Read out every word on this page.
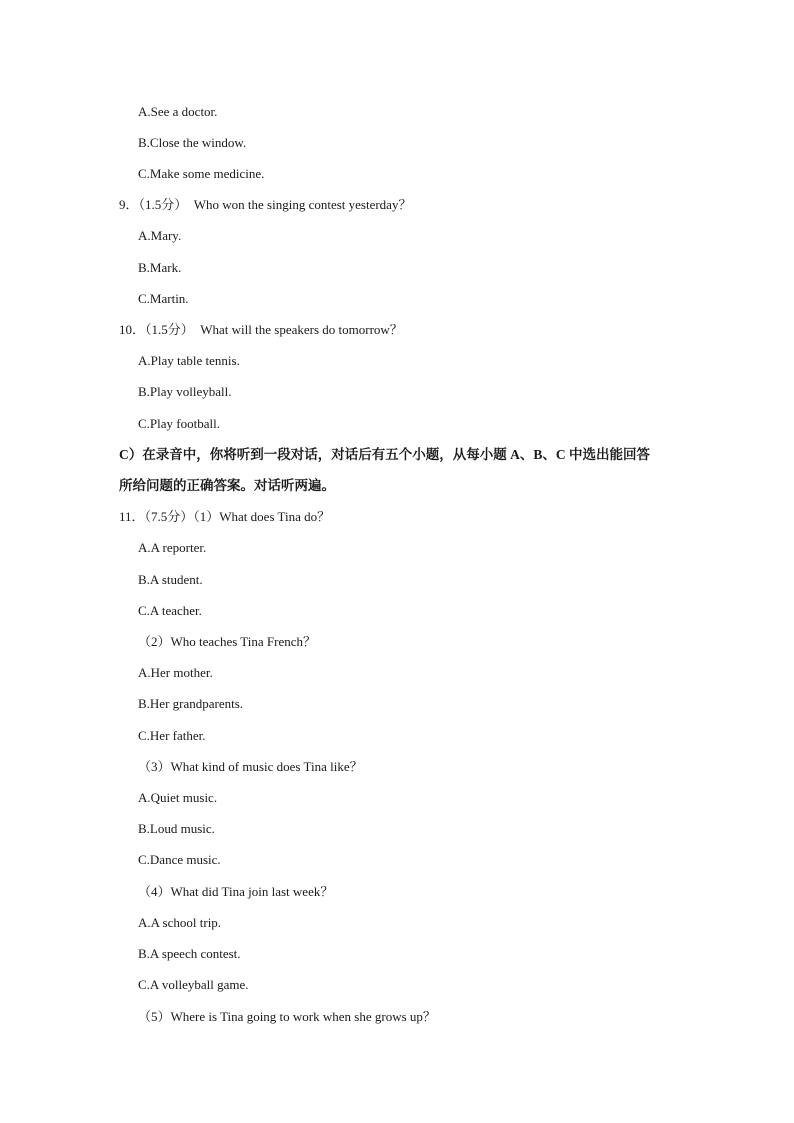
A.See a doctor.
B.Close the window.
C.Make some medicine.
9．（1.5分）　Who won the singing contest yesterday？
A.Mary.
B.Mark.
C.Martin.
10．（1.5分）　What will the speakers do tomorrow？
A.Play table tennis.
B.Play volleyball.
C.Play football.
C）在录音中，你将听到一段对话，对话后有五个小题，从每小题 A、B、C 中选出能回答
所给问题的正确答案。对话听两遍。
11．（7.5分）（1）What does Tina do？
A.A reporter.
B.A student.
C.A teacher.
（2）Who teaches Tina French？
A.Her mother.
B.Her grandparents.
C.Her father.
（3）What kind of music does Tina like？
A.Quiet music.
B.Loud music.
C.Dance music.
（4）What did Tina join last week？
A.A school trip.
B.A speech contest.
C.A volleyball game.
（5）Where is Tina going to work when she grows up？
